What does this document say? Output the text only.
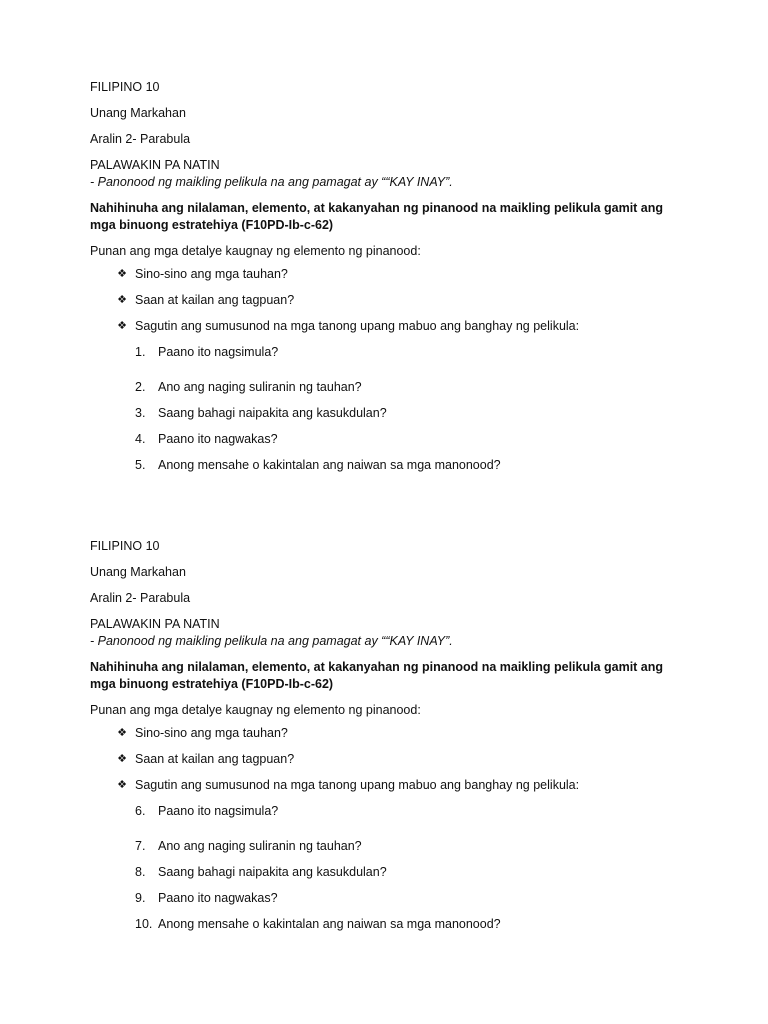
FILIPINO 10
Unang Markahan
Aralin 2- Parabula
PALAWAKIN PA NATIN
- Panonood ng maikling pelikula na ang pamagat ay ““KAY INAY”.
Nahihinuha ang nilalaman, elemento, at kakanyahan ng pinanood na maikling pelikula gamit ang mga binuong estratehiya (F10PD-Ib-c-62)
Punan ang mga detalye kaugnay ng elemento ng pinanood:
❖ Sino-sino ang mga tauhan?
❖ Saan at kailan ang tagpuan?
❖ Sagutin ang sumusunod na mga tanong upang mabuo ang banghay ng pelikula:
1.	Paano ito nagsimula?
2.	Ano ang naging suliranin ng tauhan?
3.	Saang bahagi naipakita ang kasukdulan?
4.	Paano ito nagwakas?
5.	Anong mensahe o kakintalan ang naiwan sa mga manonood?
FILIPINO 10
Unang Markahan
Aralin 2- Parabula
PALAWAKIN PA NATIN
- Panonood ng maikling pelikula na ang pamagat ay ““KAY INAY”.
Nahihinuha ang nilalaman, elemento, at kakanyahan ng pinanood na maikling pelikula gamit ang mga binuong estratehiya (F10PD-Ib-c-62)
Punan ang mga detalye kaugnay ng elemento ng pinanood:
❖ Sino-sino ang mga tauhan?
❖ Saan at kailan ang tagpuan?
❖ Sagutin ang sumusunod na mga tanong upang mabuo ang banghay ng pelikula:
6.	Paano ito nagsimula?
7.	Ano ang naging suliranin ng tauhan?
8.	Saang bahagi naipakita ang kasukdulan?
9.	Paano ito nagwakas?
10. Anong mensahe o kakintalan ang naiwan sa mga manonood?
